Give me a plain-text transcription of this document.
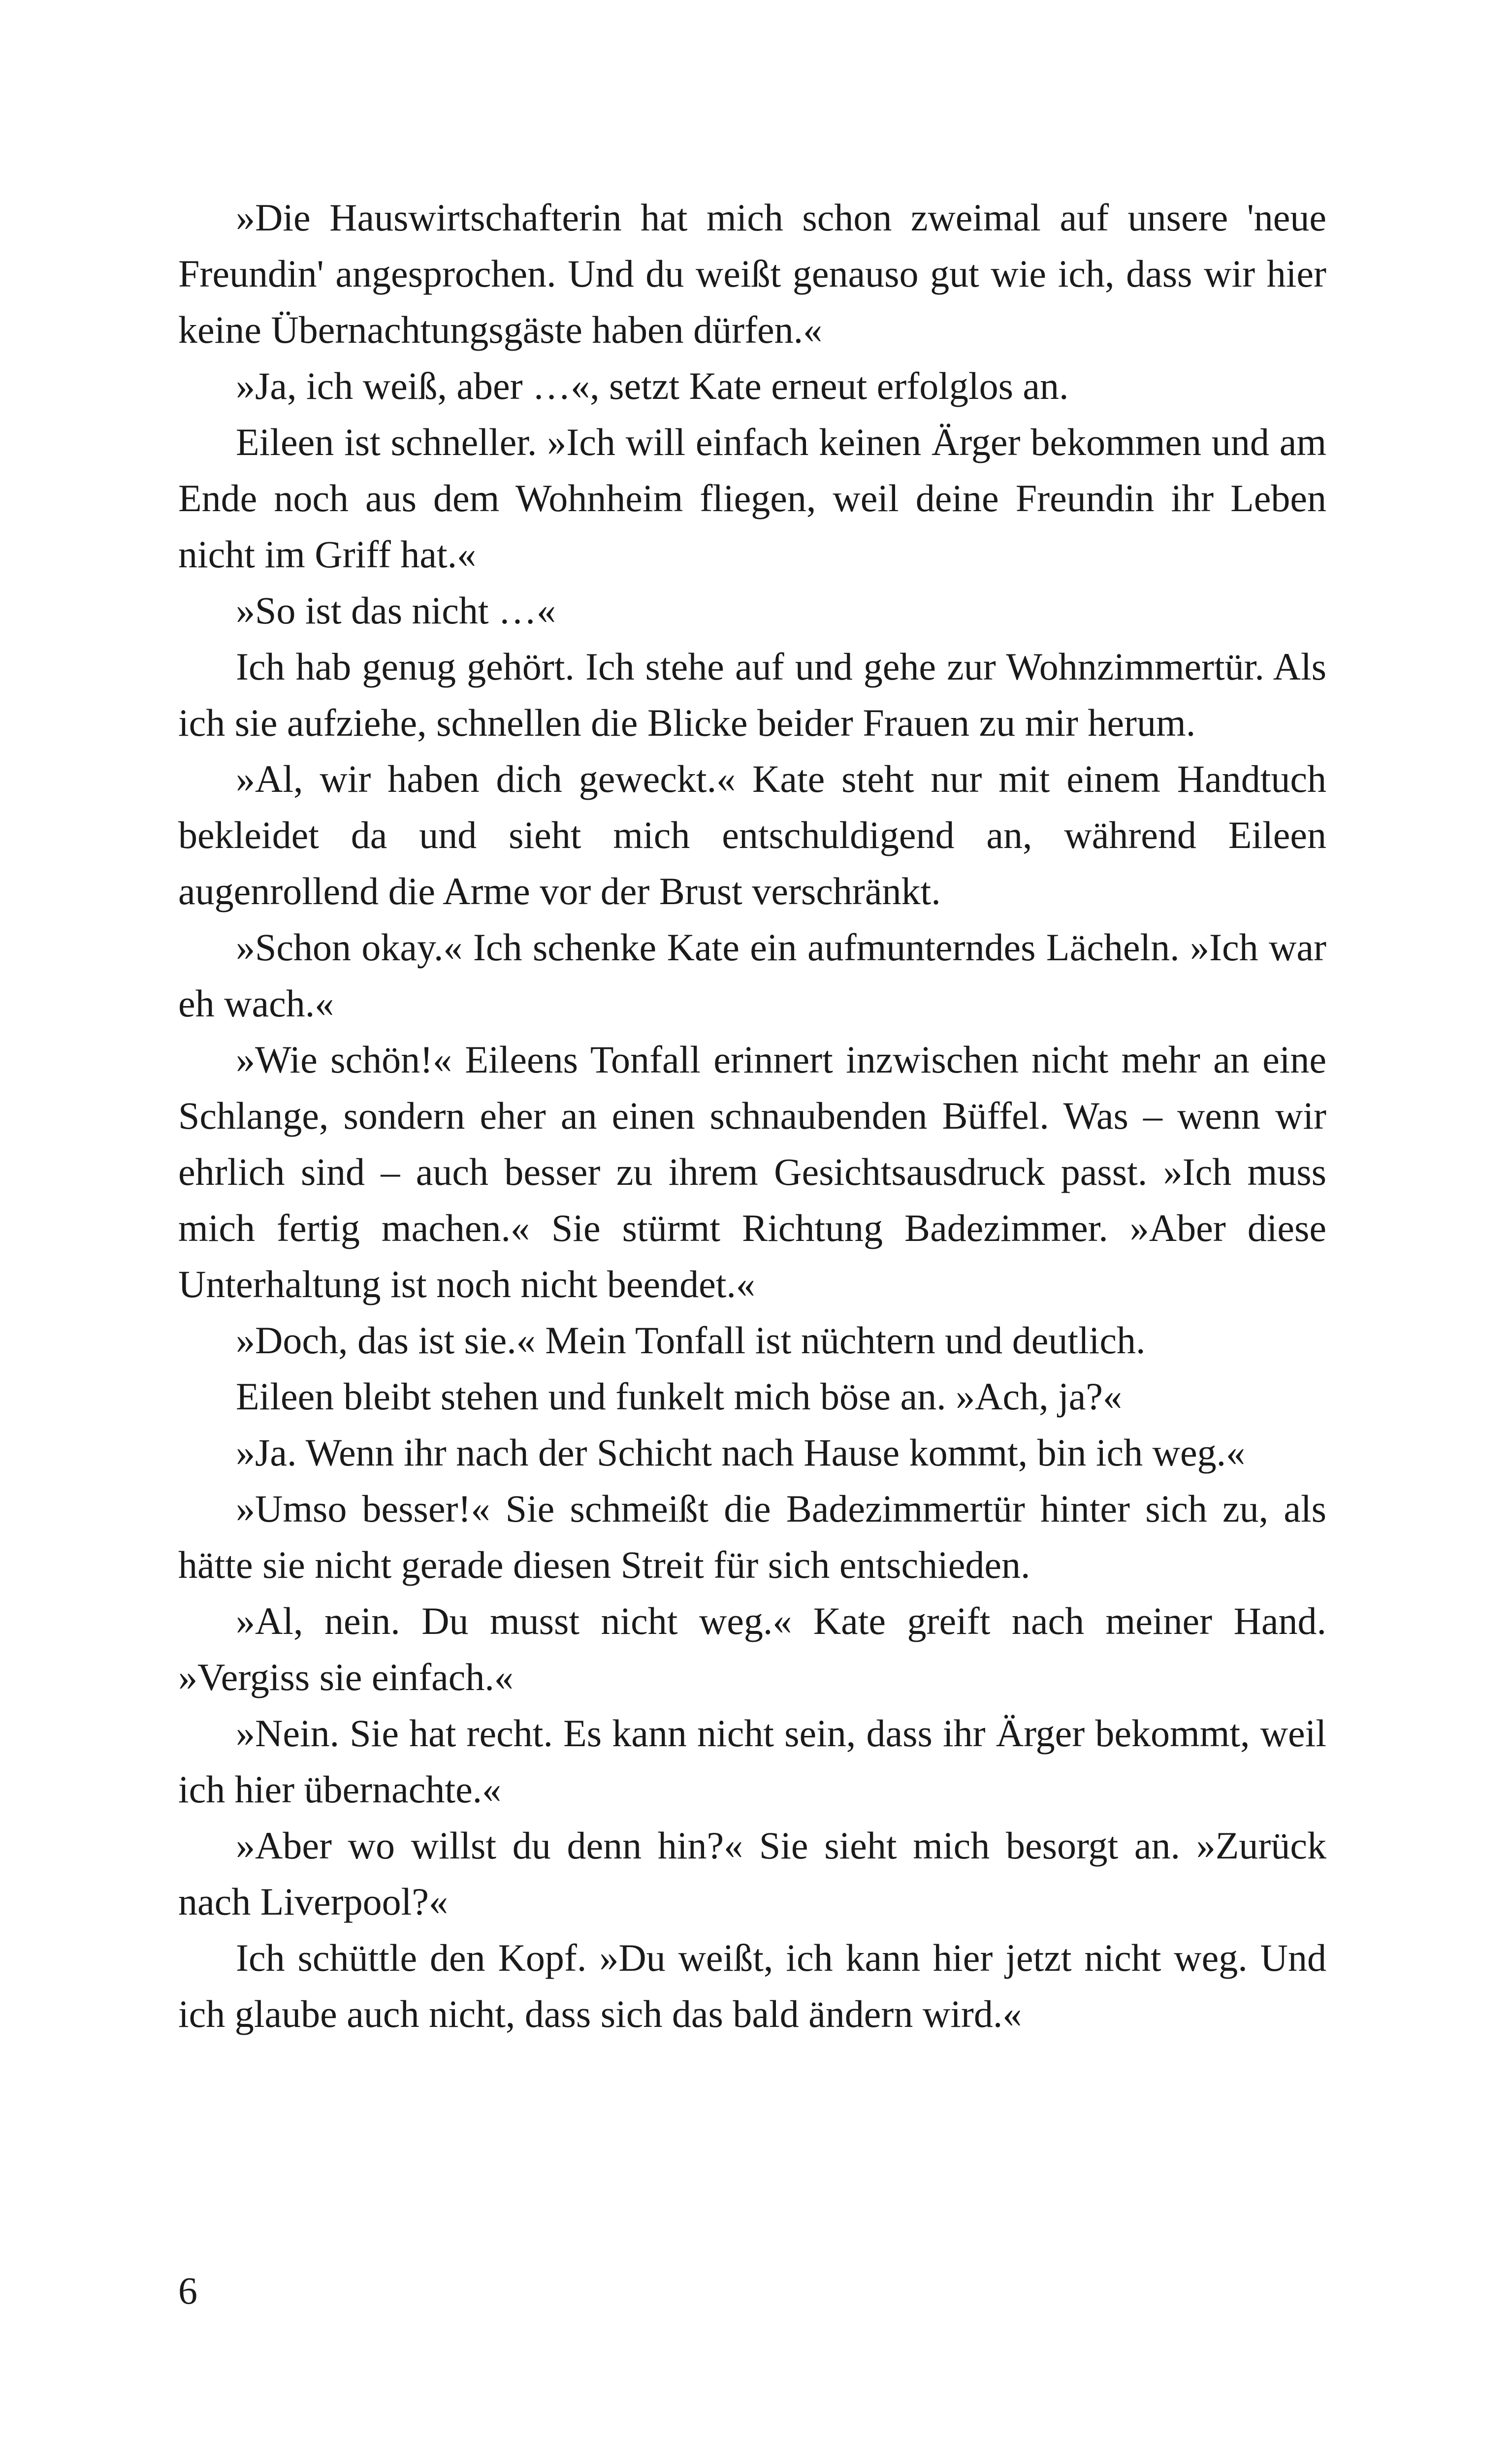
»Die Hauswirtschafterin hat mich schon zweimal auf unsere 'neue Freundin' angesprochen. Und du weißt genauso gut wie ich, dass wir hier keine Übernachtungsgäste haben dürfen.«

»Ja, ich weiß, aber …«, setzt Kate erneut erfolglos an.

Eileen ist schneller. »Ich will einfach keinen Ärger bekommen und am Ende noch aus dem Wohnheim fliegen, weil deine Freundin ihr Leben nicht im Griff hat.«

»So ist das nicht …«

Ich hab genug gehört. Ich stehe auf und gehe zur Wohnzimmertür. Als ich sie aufziehe, schnellen die Blicke beider Frauen zu mir herum.

»Al, wir haben dich geweckt.« Kate steht nur mit einem Handtuch bekleidet da und sieht mich entschuldigend an, während Eileen augenrollend die Arme vor der Brust verschränkt.

»Schon okay.« Ich schenke Kate ein aufmunterndes Lächeln. »Ich war eh wach.«

»Wie schön!« Eileens Tonfall erinnert inzwischen nicht mehr an eine Schlange, sondern eher an einen schnaubenden Büffel. Was – wenn wir ehrlich sind – auch besser zu ihrem Gesichtsausdruck passt. »Ich muss mich fertig machen.« Sie stürmt Richtung Badezimmer. »Aber diese Unterhaltung ist noch nicht beendet.«

»Doch, das ist sie.« Mein Tonfall ist nüchtern und deutlich.

Eileen bleibt stehen und funkelt mich böse an. »Ach, ja?«

»Ja. Wenn ihr nach der Schicht nach Hause kommt, bin ich weg.«

»Umso besser!« Sie schmeißt die Badezimmertür hinter sich zu, als hätte sie nicht gerade diesen Streit für sich entschieden.

»Al, nein. Du musst nicht weg.« Kate greift nach meiner Hand. »Vergiss sie einfach.«

»Nein. Sie hat recht. Es kann nicht sein, dass ihr Ärger bekommt, weil ich hier übernachte.«

»Aber wo willst du denn hin?« Sie sieht mich besorgt an. »Zurück nach Liverpool?«

Ich schüttle den Kopf. »Du weißt, ich kann hier jetzt nicht weg. Und ich glaube auch nicht, dass sich das bald ändern wird.«

6
